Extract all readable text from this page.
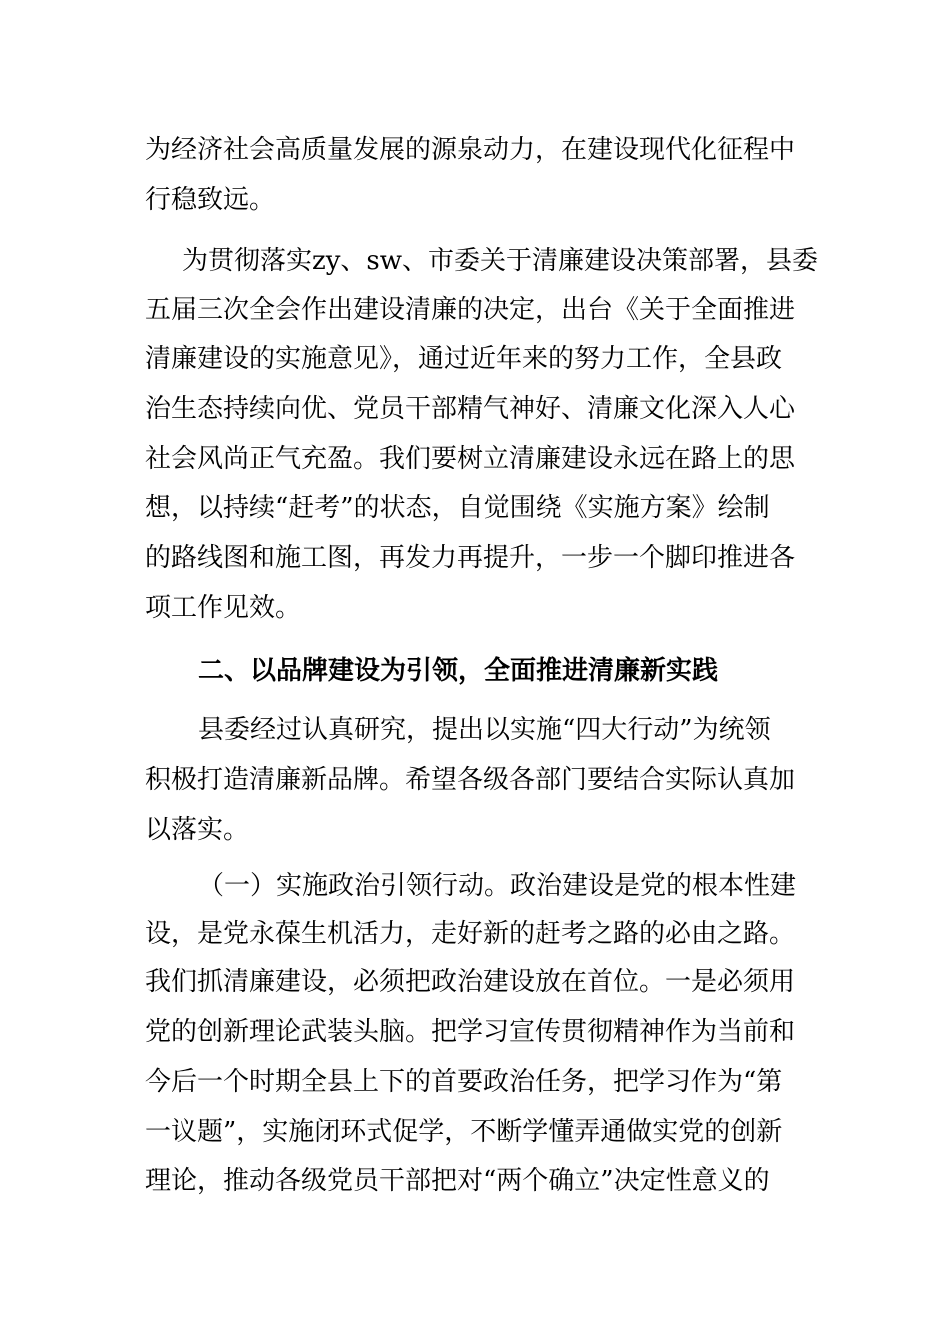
为经济社会高质量发展的源泉动力，在建设现代化征程中
行稳致远。
为贯彻落实zy、sw、市委关于清廉建设决策部署，县委
五届三次全会作出建设清廉的决定，出台《关于全面推进
清廉建设的实施意见》，通过近年来的努力工作，全县政
治生态持续向优、党员干部精气神好、清廉文化深入人心
社会风尚正气充盈。我们要树立清廉建设永远在路上的思
想，以持续“赶考”的状态，自觉围绕《实施方案》绘制
的路线图和施工图，再发力再提升，一步一个脚印推进各
项工作见效。
二、以品牌建设为引领，全面推进清廉新实践
县委经过认真研究，提出以实施“四大行动”为统领
积极打造清廉新品牌。希望各级各部门要结合实际认真加
以落实。
（一）实施政治引领行动。政治建设是党的根本性建
设，是党永葆生机活力，走好新的赶考之路的必由之路。
我们抓清廉建设，必须把政治建设放在首位。一是必须用
党的创新理论武装头脑。把学习宣传贯彻精神作为当前和
今后一个时期全县上下的首要政治任务，把学习作为“第
一议题”，实施闭环式促学，不断学懂弄通做实党的创新
理论，推动各级党员干部把对“两个确立”决定性意义的
